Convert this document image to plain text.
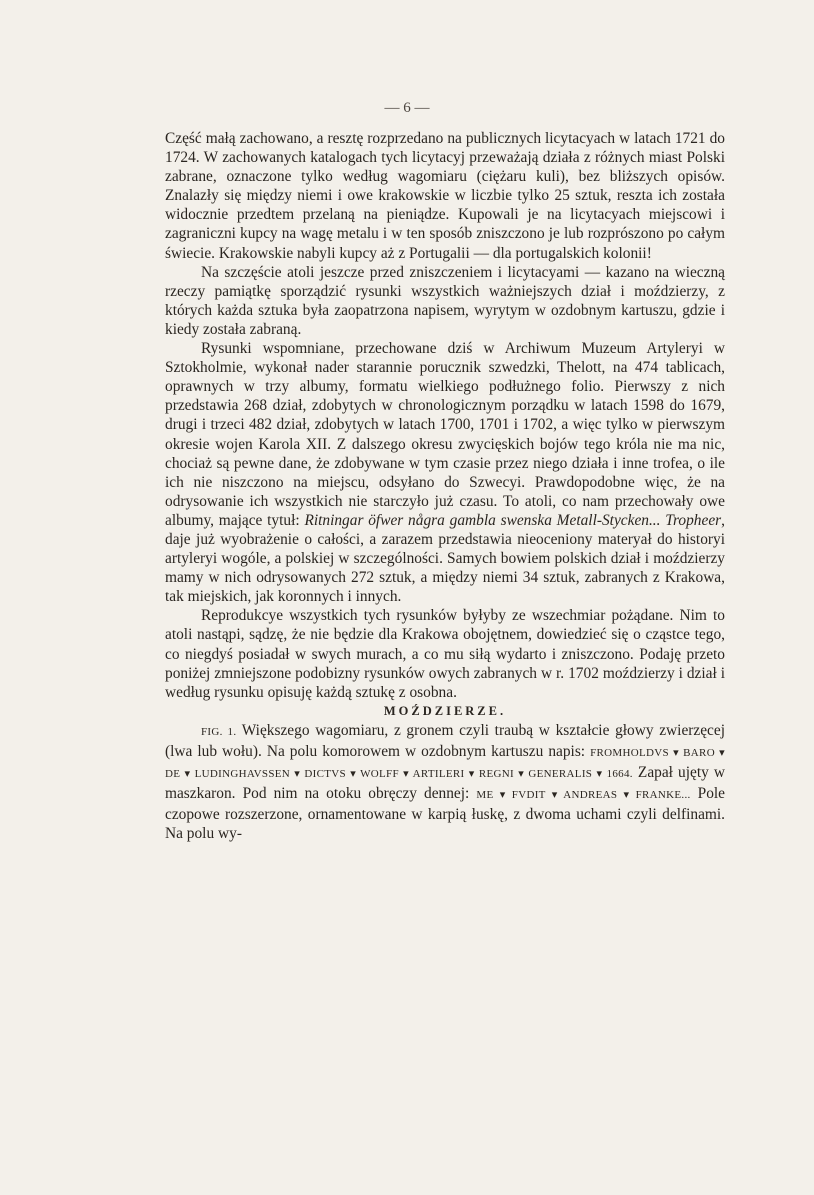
— 6 —

Część małą zachowano, a resztę rozprzedano na publicznych licytacyach w latach 1721 do 1724. W zachowanych katalogach tych licytacyj przeważają działa z różnych miast Polski zabrane, oznaczone tylko według wagomiaru (ciężaru kuli), bez bliższych opisów. Znalazły się między niemi i owe krakowskie w liczbie tylko 25 sztuk, reszta ich została widocznie przedtem przelaną na pieniądze. Kupowali je na licytacyach miejscowi i zagraniczni kupcy na wagę metalu i w ten sposób zniszczono je lub rozprószono po całym świecie. Krakowskie nabyli kupcy aż z Portugalii — dla portugalskich kolonii!

Na szczęście atoli jeszcze przed zniszczeniem i licytacyami — kazano na wieczną rzeczy pamiątkę sporządzić rysunki wszystkich ważniejszych dział i moździerzy, z których każda sztuka była zaopatrzona napisem, wyrytym w ozdobnym kartuszu, gdzie i kiedy została zabraną.

Rysunki wspomniane, przechowane dziś w Archiwum Muzeum Artyleryi w Sztokholmie, wykonał nader starannie porucznik szwedzki, Thelott, na 474 tablicach, oprawnych w trzy albumy, formatu wielkiego podłużnego folio. Pierwszy z nich przedstawia 268 dział, zdobytych w chronologicznym porządku w latach 1598 do 1679, drugi i trzeci 482 dział, zdobytych w latach 1700, 1701 i 1702, a więc tylko w pierwszym okresie wojen Karola XII. Z dalszego okresu zwycięskich bojów tego króla nie ma nic, chociaż są pewne dane, że zdobywane w tym czasie przez niego działa i inne trofea, o ile ich nie niszczono na miejscu, odsyłano do Szwecyi. Prawdopodobne więc, że na odrysowanie ich wszystkich nie starczyło już czasu. To atoli, co nam przechowały owe albumy, mające tytuł: Ritningar öfwer några gambla swenska Metall-Stycken... Tropheer, daje już wyobrażenie o całości, a zarazem przedstawia nieoceniony materyał do historyi artyleryi wogóle, a polskiej w szczególności. Samych bowiem polskich dział i moździerzy mamy w nich odrysowanych 272 sztuk, a między niemi 34 sztuk, zabranych z Krakowa, tak miejskich, jak koronnych i innych.

Reprodukcye wszystkich tych rysunków byłyby ze wszechmiar pożądane. Nim to atoli nastąpi, sądzę, że nie będzie dla Krakowa obojętnem, dowiedzieć się o cząstce tego, co niegdyś posiadał w swych murach, a co mu siłą wydarto i zniszczono. Podaję przeto poniżej zmniejszone podobizny rysunków owych zabranych w r. 1702 moździerzy i dział i według rysunku opisuję każdą sztukę z osobna.

MOŹDZIERZE.

FIG. 1. Większego wagomiaru, z gronem czyli traubą w kształcie głowy zwierzęcej (lwa lub wołu). Na polu komorowem w ozdobnym kartuszu napis: FROMHOLDVS ▾ BARO ▾ DE ▾ LUDINGHAVSSEN ▾ DICTVS ▾ WOLFF ▾ ARTILERI ▾ REGNI ▾ GENERALIS ▾ 1664. Zapał ujęty w maszkaron. Pod nim na otoku obręczy dennej: ME ▾ FVDIT ▾ ANDREAS ▾ FRANKE... Pole czopowe rozszerzone, ornamentowane w karpią łuskę, z dwoma uchami czyli delfinami. Na polu wy-
